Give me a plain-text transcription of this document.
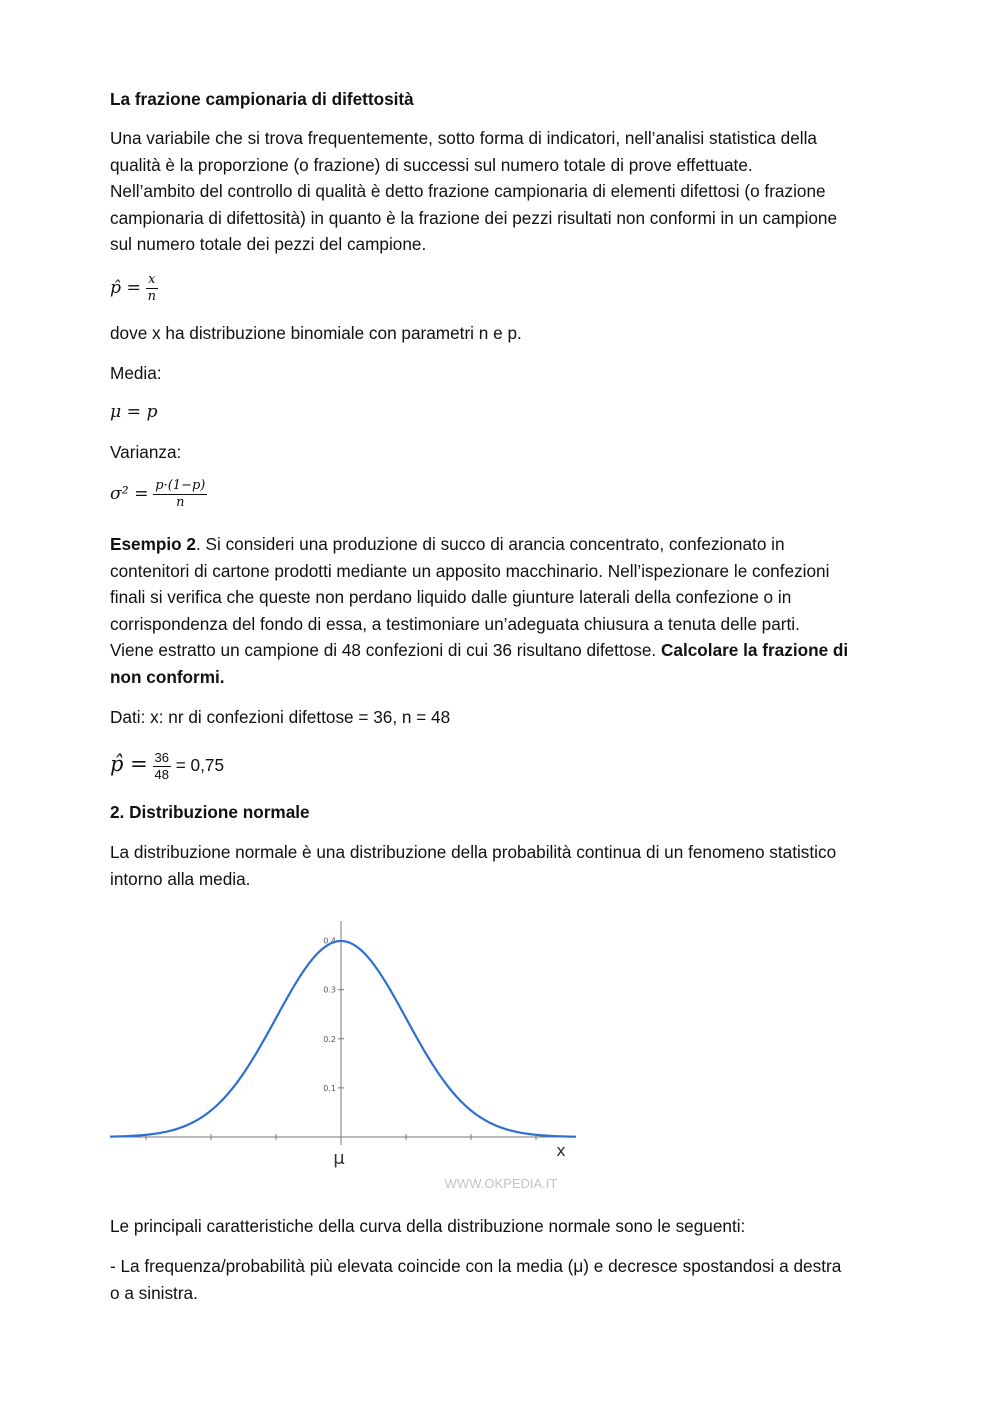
La frazione campionaria di difettosità
Una variabile che si trova frequentemente, sotto forma di indicatori, nell’analisi statistica della
qualità è la proporzione (o frazione) di successi sul numero totale di prove effettuate.
Nell’ambito del controllo di qualità è detto frazione campionaria di elementi difettosi (o frazione
campionaria di difettosità) in quanto è la frazione dei pezzi risultati non conformi in un campione
sul numero totale dei pezzi del campione.
p̂ = $\frac{x}{n}$
dove x ha distribuzione binomiale con parametri n e p.
Media:
μ = p
Varianza:
$\sigma^2 = \frac{p\cdot(1-p)}{n}$
Esempio 2. Si consideri una produzione di succo di arancia concentrato, confezionato in
contenitori di cartone prodotti mediante un apposito macchinario. Nell’ispezionare le confezioni
finali si verifica che queste non perdano liquido dalle giunture laterali della confezione o in
corrispondenza del fondo di essa, a testimoniare un’adeguata chiusura a tenuta delle parti.
Viene estratto un campione di 48 confezioni di cui 36 risultano difettose. Calcolare la frazione di
non conformi.
Dati: x: nr di confezioni difettose = 36, n = 48
p̂ = $\frac{36}{48} = 0,75$
2. Distribuzione normale
La distribuzione normale è una distribuzione della probabilità continua di un fenomeno statistico
intorno alla media.
0.1
0.2
0.3
0.4
μ	x
WWW.OKPEDIA.IT
Le principali caratteristiche della curva della distribuzione normale sono le seguenti:
- La frequenza/probabilità più elevata coincide con la media (μ) e decresce spostandosi a destra
o a sinistra.
